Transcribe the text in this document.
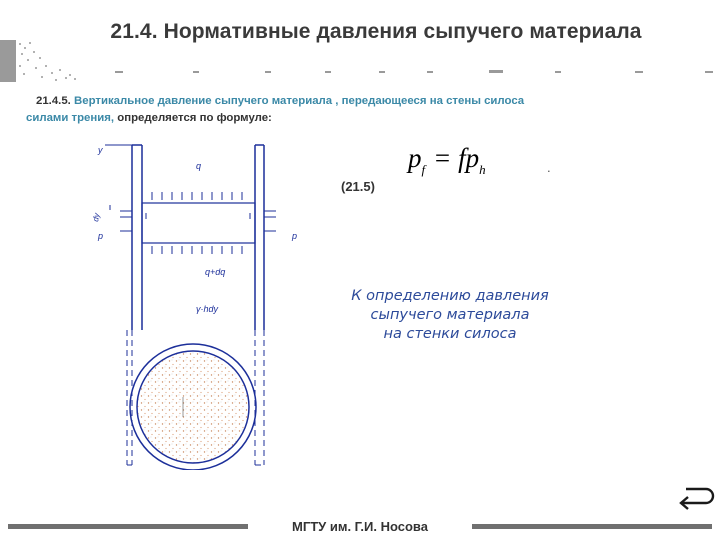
21.4. Нормативные давления сыпучего материала
21.4.5. Вертикальное давление сыпучего материала , передающееся на стены силоса
силами трения, определяется по формуле:
y
dy
q
p	p
q+dq
γ·hdy
(21.5)
$p_f = fp_h$	.
К определению давления
сыпучего материала
на стенки силоса
МГТУ им. Г.И. Носова
